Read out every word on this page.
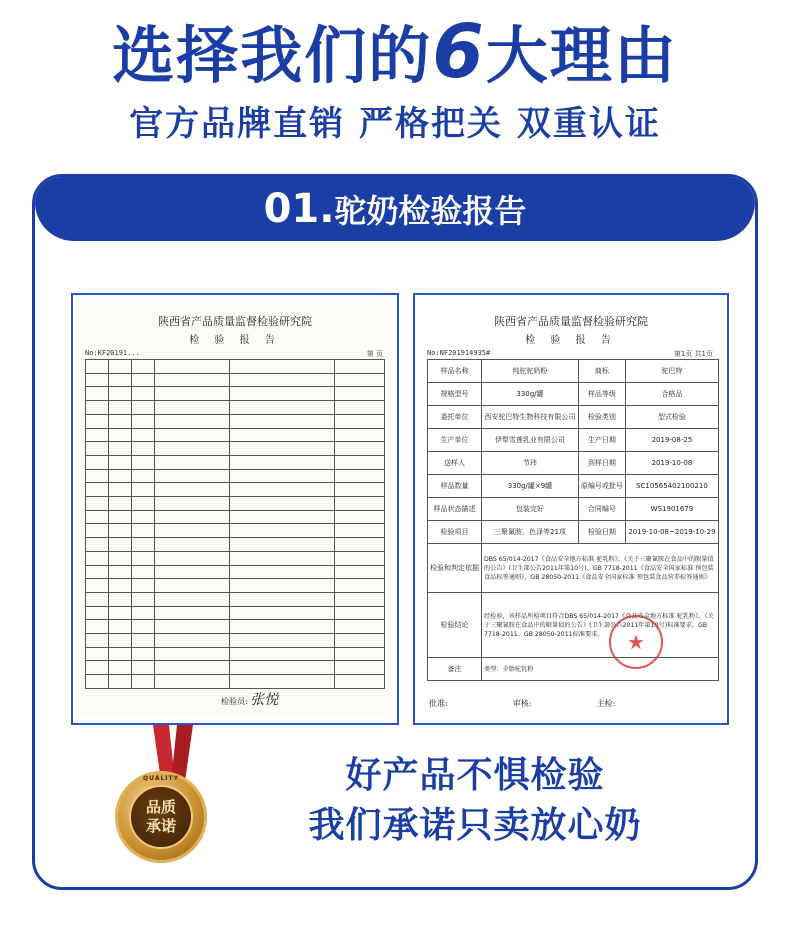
选择我们的6大理由
官方品牌直销 严格把关 双重认证
01.驼奶检验报告
陕西省产品质量监督检验研究院
检 验 报 告
No:KF20191...	第 页

检验员: 张悦
陕西省产品质量监督检验研究院
检 验 报 告
No:NF201914935#	第1页 共1页
样品名称	纯驼驼奶粉	商标	驼巴特
规格型号	330g/罐	样品等级	合格品
委托单位	西安驼巴特生物科技有限公司	检验类别	型式检验
生产单位	伊犁雪莲乳业有限公司	生产日期	2019-08-25
送样人	节玮	到样日期	2019-10-08
样品数量	330g/罐×9罐	原编号或批号	SC10565402100210
样品状态描述	包装完好	合同编号	WS1901679
检验项目	三聚氰胺、色泽等21项	检验日期	2019-10-08~2019-10-29
检验和判定依据	DBS 65/014-2017《食品安全地方标准 驼乳粉》、《关于三聚氰胺在食品中的限量值的公告》(卫生部公告2011年第10号)、GB 7718-2011《食品安全国家标准 预包装食品标签通则》、GB 28050-2011《食品安全国家标准 预包装食品营养标签通则》		
检验结论	经检验，该样品所检项目符合DBS 65/014-2017《食品安全地方标准 驼乳粉》、《关于三聚氰胺在食品中的限量值的公告》(卫生部公告2011年第10号)标准要求，GB 7718-2011、GB 28050-2011标准要求。		
备注	类型：全脂驼乳粉		
批准:	审核:	主检:
★
QUALITY
品质
承诺
好产品不惧检验
我们承诺只卖放心奶
